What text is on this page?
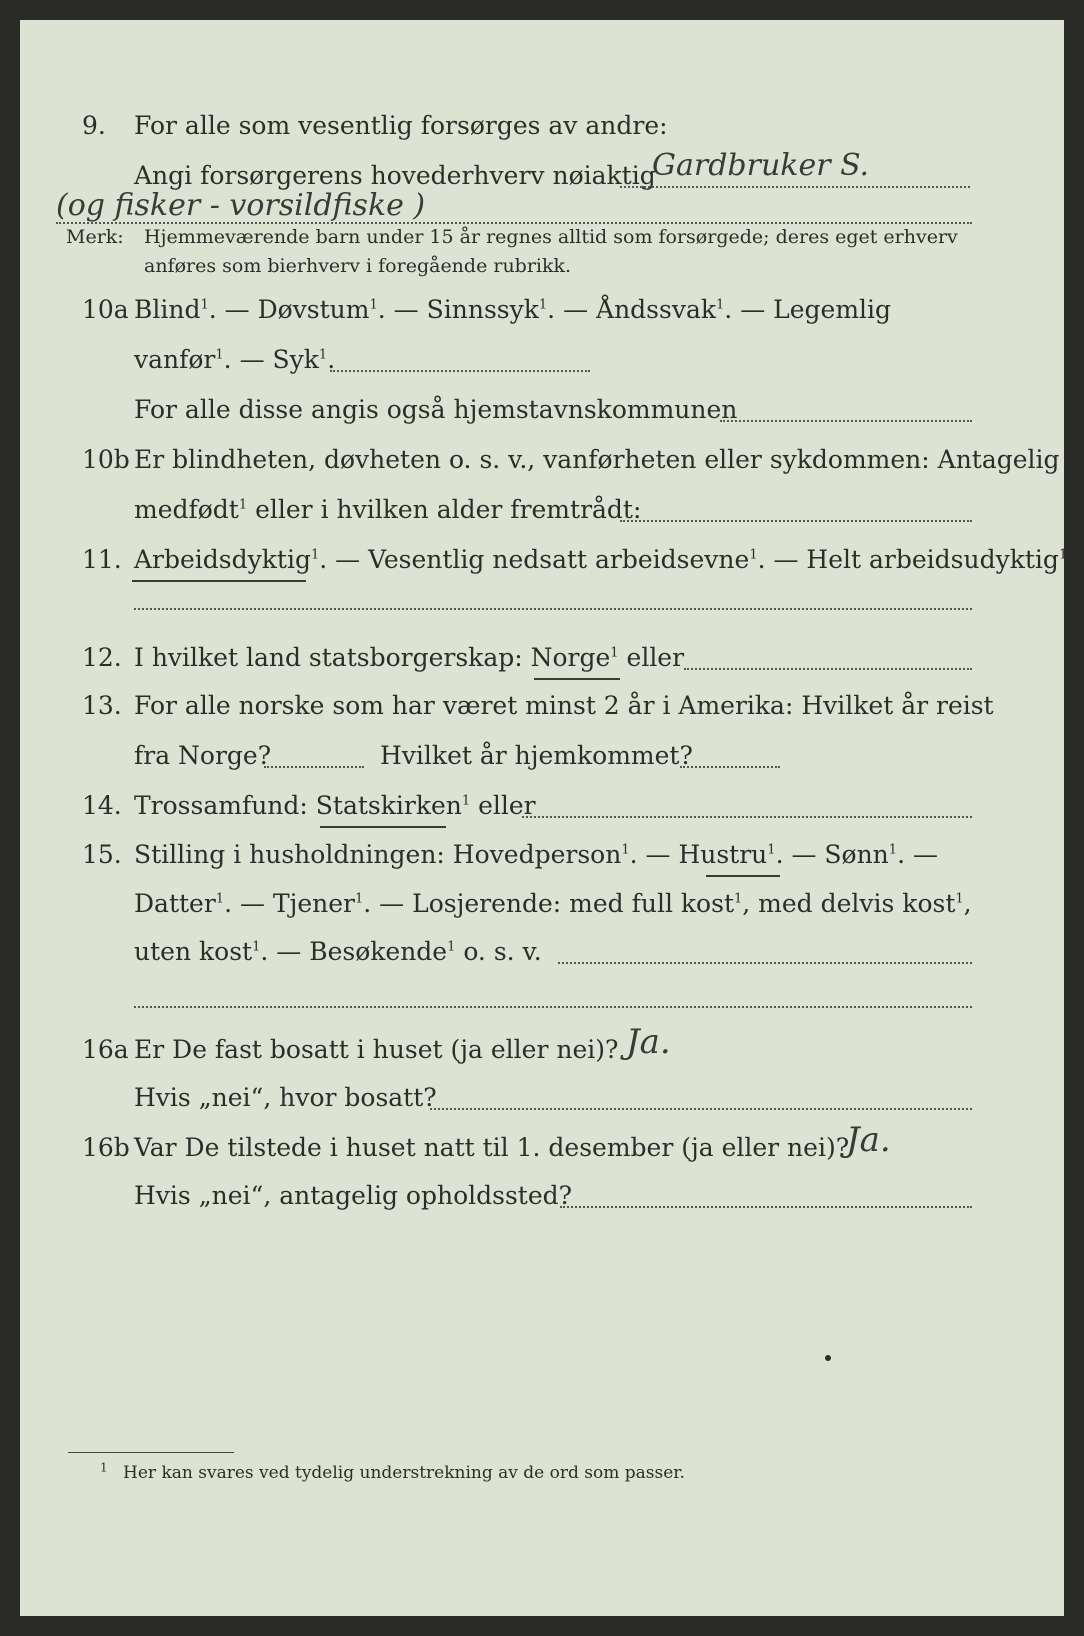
9. For alle som vesentlig forsørges av andre:
Angi forsørgerens hovederhverv nøiaktig
Gardbruker S.
(og fisker - vorsildfiske )
Merk: Hjemmeværende barn under 15 år regnes alltid som forsørgede; deres eget erhverv
anføres som bierhverv i foregående rubrikk.
10a Blind$^1$. — Døvstum$^1$. — Sinnssyk$^1$. — Åndssvak$^1$. — Legemlig
vanfør$^1$. — Syk$^1$.
For alle disse angis også hjemstavnskommunen
10b Er blindheten, døvheten o. s. v., vanførheten eller sykdommen: Antagelig
medfødt$^1$ eller i hvilken alder fremtrådt:
11. Arbeidsdyktig$^1$. — Vesentlig nedsatt arbeidsevne$^1$. — Helt arbeidsudyktig$^1$.
12. I hvilket land statsborgerskap: Norge$^1$ eller
13. For alle norske som har været minst 2 år i Amerika: Hvilket år reist
fra Norge?	Hvilket år hjemkommet?
14. Trossamfund: Statskirken$^1$ eller
15. Stilling i husholdningen: Hovedperson$^1$. — Hustru$^1$. — Sønn$^1$. —
Datter$^1$. — Tjener$^1$. — Losjerende: med full kost$^1$, med delvis kost$^1$,
uten kost$^1$. — Besøkende$^1$ o. s. v.
16a Er De fast bosatt i huset (ja eller nei)? Ja.
Hvis „nei“, hvor bosatt?
16b Var De tilstede i huset natt til 1. desember (ja eller nei)?
Ja.
Hvis „nei“, antagelig opholdssted?
$^1$ Her kan svares ved tydelig understrekning av de ord som passer.
